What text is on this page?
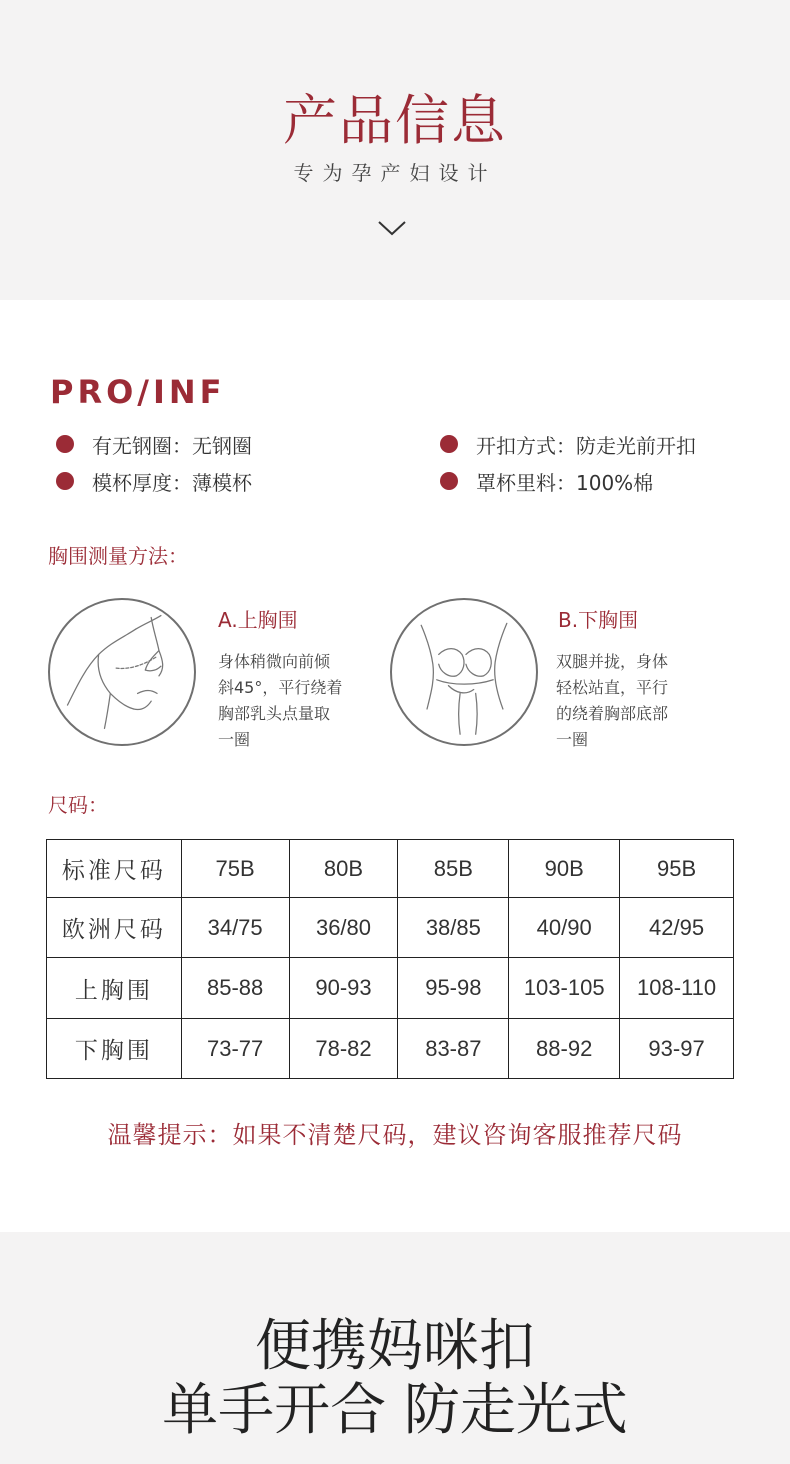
产品信息
专为孕产妇设计
PRO/INF
有无钢圈：无钢圈	开扣方式：防走光前开扣
模杯厚度：薄模杯	罩杯里料：100%棉
胸围测量方法：
A.上胸围
身体稍微向前倾
斜45°，平行绕着
胸部乳头点量取
一圈
B.下胸围
双腿并拢，身体
轻松站直，平行
的绕着胸部底部
一圈
尺码：
标准尺码	75B	80B	85B	90B	95B
欧洲尺码	34/75	36/80	38/85	40/90	42/95
上胸围	85-88	90-93	95-98	103-105	108-110
下胸围	73-77	78-82	83-87	88-92	93-97
温馨提示：如果不清楚尺码，建议咨询客服推荐尺码
便携妈咪扣
单手开合 防走光式
